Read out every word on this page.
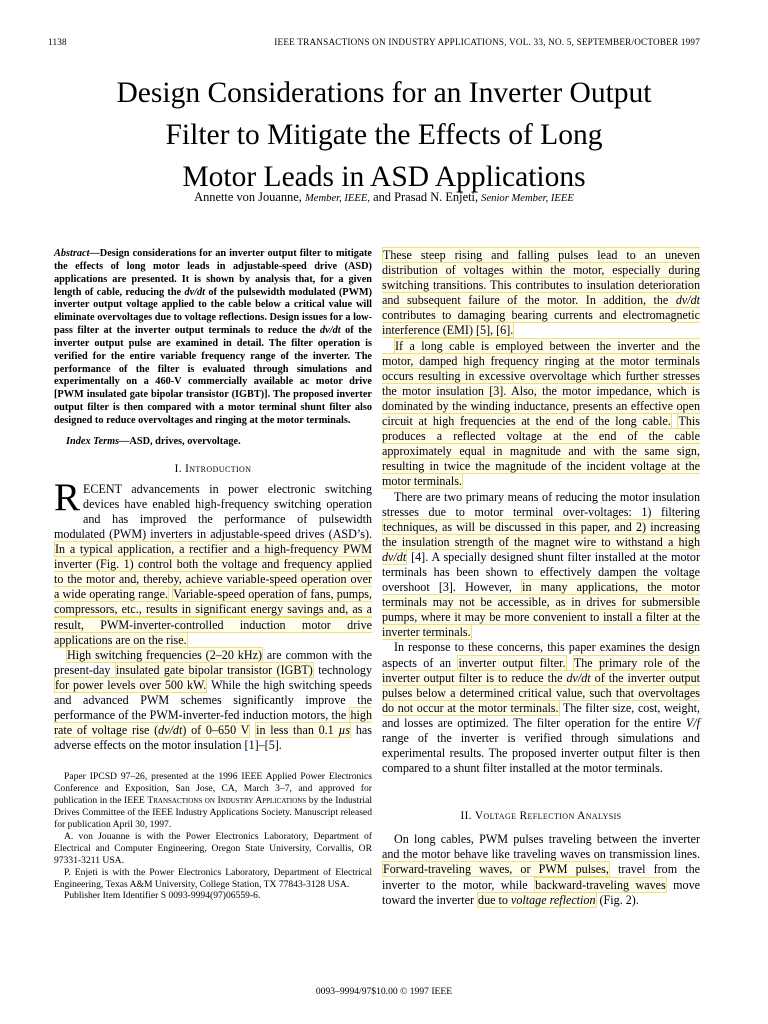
1138	IEEE TRANSACTIONS ON INDUSTRY APPLICATIONS, VOL. 33, NO. 5, SEPTEMBER/OCTOBER 1997
Design Considerations for an Inverter Output
Filter to Mitigate the Effects of Long
Motor Leads in ASD Applications
Annette von Jouanne, Member, IEEE, and Prasad N. Enjeti, Senior Member, IEEE

Abstract—Design considerations for an inverter output filter to mitigate the effects of long motor leads in adjustable-speed drive (ASD) applications are presented. It is shown by analysis that, for a given length of cable, reducing the dv/dt of the pulsewidth modulated (PWM) inverter output voltage applied to the cable below a critical value will eliminate overvoltages due to voltage reflections. Design issues for a low-pass filter at the inverter output terminals to reduce the dv/dt of the inverter output pulse are examined in detail. The filter operation is verified for the entire variable frequency range of the inverter. The performance of the filter is evaluated through simulations and experimentally on a 460-V commercially available ac motor drive [PWM insulated gate bipolar transistor (IGBT)]. The proposed inverter output filter is then compared with a motor terminal shunt filter also designed to reduce overvoltages and ringing at the motor terminals.

Index Terms—ASD, drives, overvoltage.

I. Introduction

RECENT advancements in power electronic switching devices have enabled high-frequency switching operation and has improved the performance of pulsewidth modulated (PWM) inverters in adjustable-speed drives (ASD’s). In a typical application, a rectifier and a high-frequency PWM inverter (Fig. 1) control both the voltage and frequency applied to the motor and, thereby, achieve variable-speed operation over a wide operating range. Variable-speed operation of fans, pumps, compressors, etc., results in significant energy savings and, as a result, PWM-inverter-controlled induction motor drive applications are on the rise.

High switching frequencies (2–20 kHz) are common with the present-day insulated gate bipolar transistor (IGBT) technology for power levels over 500 kW. While the high switching speeds and advanced PWM schemes significantly improve the performance of the PWM-inverter-fed induction motors, the high rate of voltage rise (dv/dt) of 0–650 V in less than 0.1 µs has adverse effects on the motor insulation [1]–[5].

Paper IPCSD 97–26, presented at the 1996 IEEE Applied Power Electronics Conference and Exposition, San Jose, CA, March 3–7, and approved for publication in the IEEE Transactions on Industry Applications by the Industrial Drives Committee of the IEEE Industry Applications Society. Manuscript released for publication April 30, 1997.

A. von Jouanne is with the Power Electronics Laboratory, Department of Electrical and Computer Engineering, Oregon State University, Corvallis, OR 97331-3211 USA.

P. Enjeti is with the Power Electronics Laboratory, Department of Electrical Engineering, Texas A&M University, College Station, TX 77843-3128 USA.

Publisher Item Identifier S 0093-9994(97)06559-6.

These steep rising and falling pulses lead to an uneven distribution of voltages within the motor, especially during switching transitions. This contributes to insulation deterioration and subsequent failure of the motor. In addition, the dv/dt contributes to damaging bearing currents and electromagnetic interference (EMI) [5], [6].

If a long cable is employed between the inverter and the motor, damped high frequency ringing at the motor terminals occurs resulting in excessive overvoltage which further stresses the motor insulation [3]. Also, the motor impedance, which is dominated by the winding inductance, presents an effective open circuit at high frequencies at the end of the long cable. This produces a reflected voltage at the end of the cable approximately equal in magnitude and with the same sign, resulting in twice the magnitude of the incident voltage at the motor terminals.

There are two primary means of reducing the motor insulation stresses due to motor terminal over-voltages: 1) filtering techniques, as will be discussed in this paper, and 2) increasing the insulation strength of the magnet wire to withstand a high dv/dt [4]. A specially designed shunt filter installed at the motor terminals has been shown to effectively dampen the voltage overshoot [3]. However, in many applications, the motor terminals may not be accessible, as in drives for submersible pumps, where it may be more convenient to install a filter at the inverter terminals.

In response to these concerns, this paper examines the design aspects of an inverter output filter. The primary role of the inverter output filter is to reduce the dv/dt of the inverter output pulses below a determined critical value, such that overvoltages do not occur at the motor terminals. The filter size, cost, weight, and losses are optimized. The filter operation for the entire V/f range of the inverter is verified through simulations and experimental results. The proposed inverter output filter is then compared to a shunt filter installed at the motor terminals.

II. Voltage Reflection Analysis

On long cables, PWM pulses traveling between the inverter and the motor behave like traveling waves on transmission lines. Forward-traveling waves, or PWM pulses, travel from the inverter to the motor, while backward-traveling waves move toward the inverter due to voltage reflection (Fig. 2).

0093–9994/97$10.00 © 1997 IEEE
